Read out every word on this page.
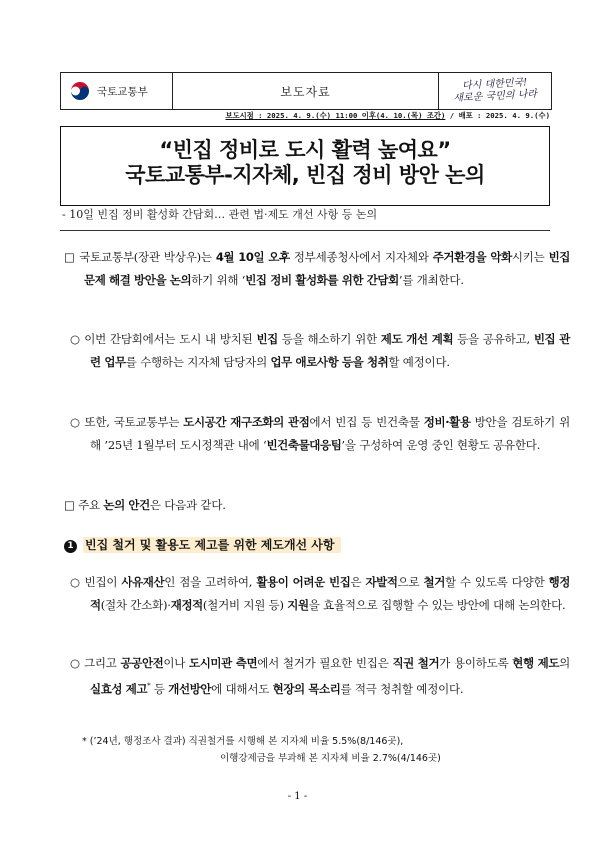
국토교통부	보도자료	다시 대한민국!
새로운 국민의 나라
보도시점 : 2025. 4. 9.(수) 11:00 이후(4. 10.(목) 조간) / 배포 : 2025. 4. 9.(수)
“빈집 정비로 도시 활력 높여요”
국토교통부-지자체, 빈집 정비 방안 논의
- 10일 빈집 정비 활성화 간담회… 관련 법·제도 개선 사항 등 논의
□ 국토교통부(장관 박상우)는 4월 10일 오후 정부세종청사에서 지자체와 주거환경을 악화시키는 빈집 문제 해결 방안을 논의하기 위해 ‘빈집 정비 활성화를 위한 간담회’를 개최한다.
○ 이번 간담회에서는 도시 내 방치된 빈집 등을 해소하기 위한 제도 개선 계획 등을 공유하고, 빈집 관련 업무를 수행하는 지자체 담당자의 업무 애로사항 등을 청취할 예정이다.
○ 또한, 국토교통부는 도시공간 재구조화의 관점에서 빈집 등 빈건축물 정비·활용 방안을 검토하기 위해 ’25년 1월부터 도시정책관 내에 ‘빈건축물대응팀’을 구성하여 운영 중인 현황도 공유한다.
□ 주요 논의 안건은 다음과 같다.
1 빈집 철거 및 활용도 제고를 위한 제도개선 사항
○ 빈집이 사유재산인 점을 고려하여, 활용이 어려운 빈집은 자발적으로 철거할 수 있도록 다양한 행정적(절차 간소화)·재정적(철거비 지원 등) 지원을 효율적으로 집행할 수 있는 방안에 대해 논의한다.
○ 그리고 공공안전이나 도시미관 측면에서 철거가 필요한 빈집은 직권 철거가 용이하도록 현행 제도의 실효성 제고* 등 개선방안에 대해서도 현장의 목소리를 적극 청취할 예정이다.
* (’24년, 행정조사 결과) 직권철거를 시행해 본 지자체 비율 5.5%(8/146곳),
이행강제금을 부과해 본 지자체 비율 2.7%(4/146곳)
- 1 -
